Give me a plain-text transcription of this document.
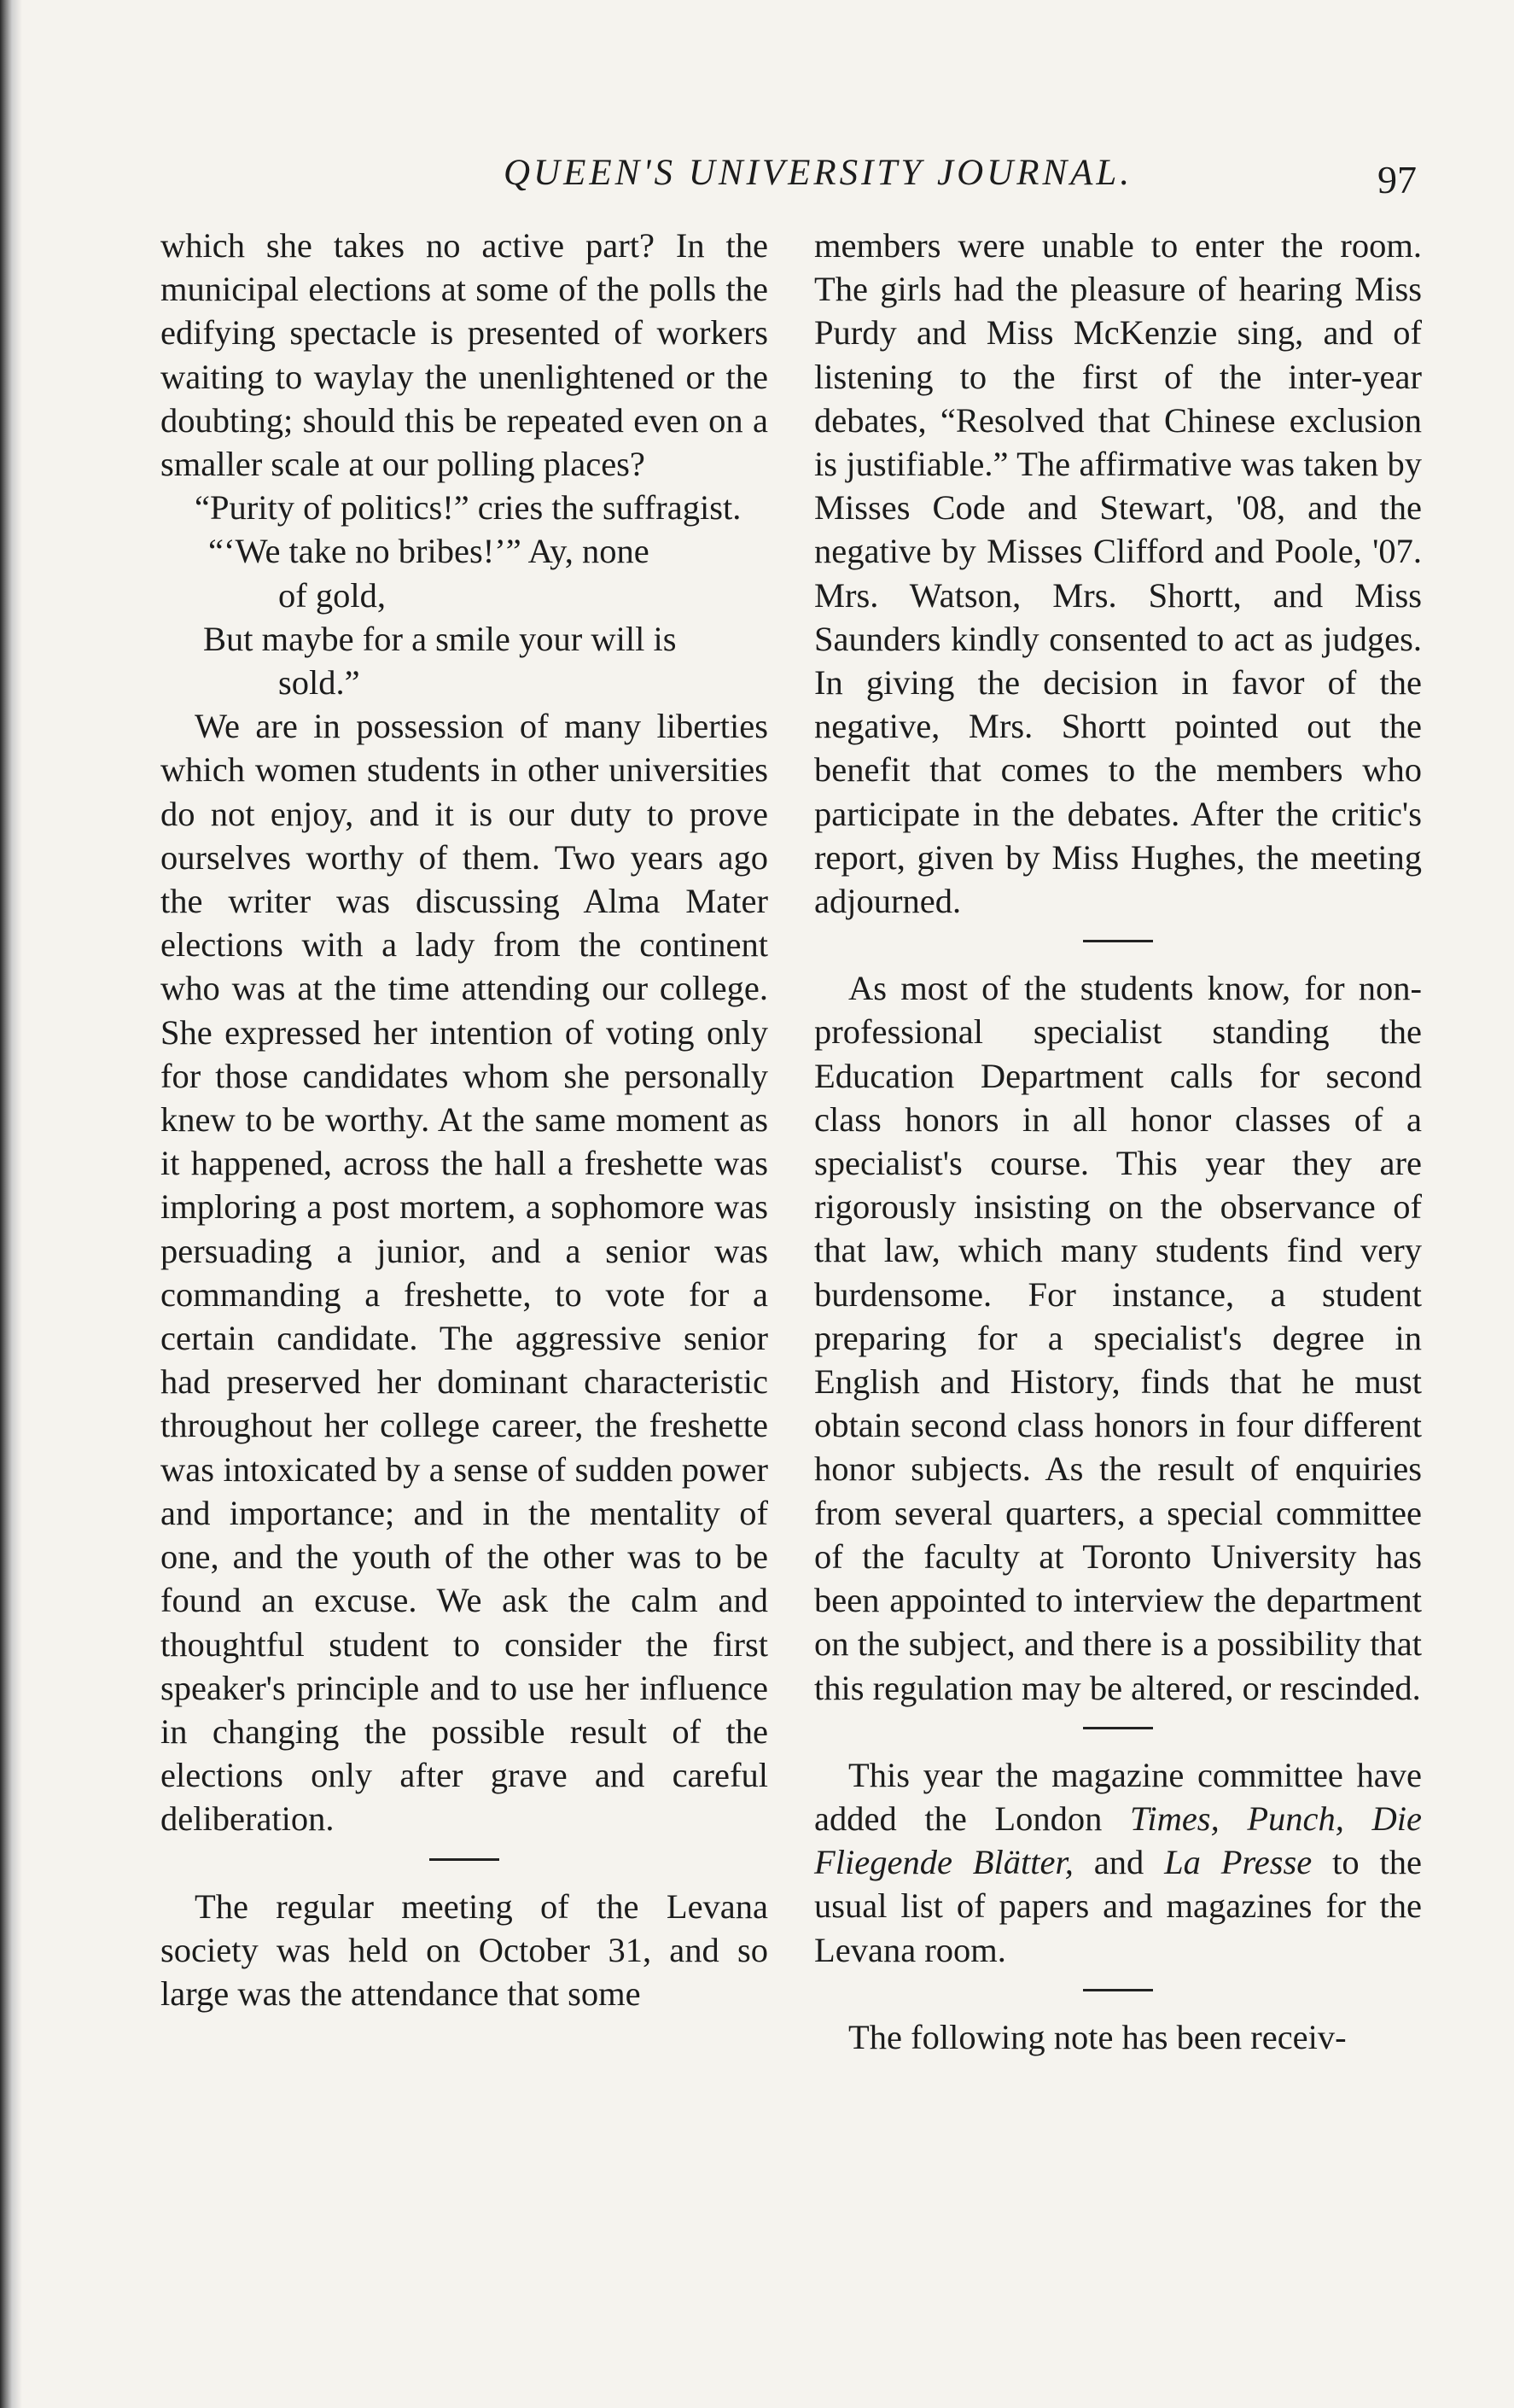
QUEEN'S UNIVERSITY JOURNAL.	97

which she takes no active part? In the municipal elections at some of the polls the edifying spectacle is presented of workers waiting to waylay the unenlightened or the doubting; should this be repeated even on a smaller scale at our polling places?

“Purity of politics!” cries the suffragist.

“‘We take no bribes!’” Ay, none
of gold,
But maybe for a smile your will is
sold.”

We are in possession of many liberties which women students in other universities do not enjoy, and it is our duty to prove ourselves worthy of them. Two years ago the writer was discussing Alma Mater elections with a lady from the continent who was at the time attending our college. She expressed her intention of voting only for those candidates whom she personally knew to be worthy. At the same moment as it happened, across the hall a freshette was imploring a post mortem, a sophomore was persuading a junior, and a senior was commanding a freshette, to vote for a certain candidate. The aggressive senior had preserved her dominant characteristic throughout her college career, the freshette was intoxicated by a sense of sudden power and importance; and in the mentality of one, and the youth of the other was to be found an excuse. We ask the calm and thoughtful student to consider the first speaker's principle and to use her influence in changing the possible result of the elections only after grave and careful deliberation.

The regular meeting of the Levana society was held on October 31, and so large was the attendance that some

members were unable to enter the room. The girls had the pleasure of hearing Miss Purdy and Miss McKenzie sing, and of listening to the first of the inter-year debates, “Resolved that Chinese exclusion is justifiable.” The affirmative was taken by Misses Code and Stewart, '08, and the negative by Misses Clifford and Poole, '07. Mrs. Watson, Mrs. Shortt, and Miss Saunders kindly consented to act as judges. In giving the decision in favor of the negative, Mrs. Shortt pointed out the benefit that comes to the members who participate in the debates. After the critic's report, given by Miss Hughes, the meeting adjourned.

As most of the students know, for non-professional specialist standing the Education Department calls for second class honors in all honor classes of a specialist's course. This year they are rigorously insisting on the observance of that law, which many students find very burdensome. For instance, a student preparing for a specialist's degree in English and History, finds that he must obtain second class honors in four different honor subjects. As the result of enquiries from several quarters, a special committee of the faculty at Toronto University has been appointed to interview the department on the subject, and there is a possibility that this regulation may be altered, or rescinded.

This year the magazine committee have added the London Times, Punch, Die Fliegende Blätter, and La Presse to the usual list of papers and magazines for the Levana room.

The following note has been receiv-
